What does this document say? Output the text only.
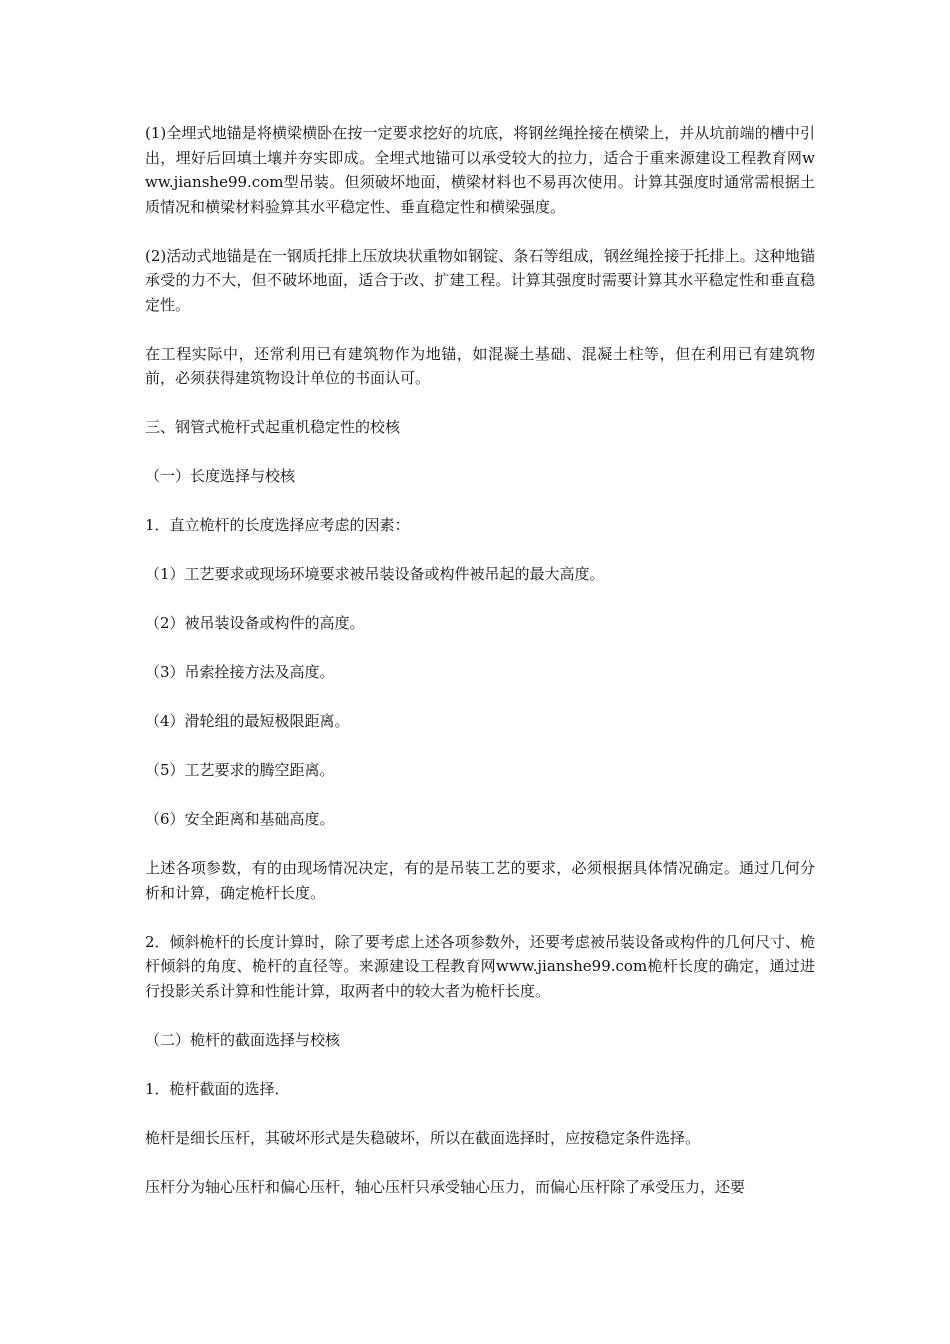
(1)全埋式地锚是将横梁横卧在按一定要求挖好的坑底，将钢丝绳拴接在横梁上，并从坑前端的槽中引出，埋好后回填土壤并夯实即成。全埋式地锚可以承受较大的拉力，适合于重来源建设工程教育网www.jianshe99.com型吊装。但须破坏地面，横梁材料也不易再次使用。计算其强度时通常需根据土质情况和横梁材料验算其水平稳定性、垂直稳定性和横梁强度。

(2)活动式地锚是在一钢质托排上压放块状重物如钢锭、条石等组成，钢丝绳拴接于托排上。这种地锚承受的力不大，但不破坏地面，适合于改、扩建工程。计算其强度时需要计算其水平稳定性和垂直稳定性。

在工程实际中，还常利用已有建筑物作为地锚，如混凝土基础、混凝土柱等，但在利用已有建筑物前，必须获得建筑物设计单位的书面认可。

三、钢管式桅杆式起重机稳定性的校核

（一）长度选择与校核

1．直立桅杆的长度选择应考虑的因素：

（1）工艺要求或现场环境要求被吊装设备或构件被吊起的最大高度。

（2）被吊装设备或构件的高度。

（3）吊索拴接方法及高度。

（4）滑轮组的最短极限距离。

（5）工艺要求的腾空距离。

（6）安全距离和基础高度。

上述各项参数，有的由现场情况决定，有的是吊装工艺的要求，必须根据具体情况确定。通过几何分析和计算，确定桅杆长度。

2．倾斜桅杆的长度计算时，除了要考虑上述各项参数外，还要考虑被吊装设备或构件的几何尺寸、桅杆倾斜的角度、桅杆的直径等。来源建设工程教育网www.jianshe99.com桅杆长度的确定，通过进行投影关系计算和性能计算，取两者中的较大者为桅杆长度。

（二）桅杆的截面选择与校核

1．桅杆截面的选择．

桅杆是细长压杆，其破坏形式是失稳破坏，所以在截面选择时，应按稳定条件选择。

压杆分为轴心压杆和偏心压杆，轴心压杆只承受轴心压力，而偏心压杆除了承受压力，还要
